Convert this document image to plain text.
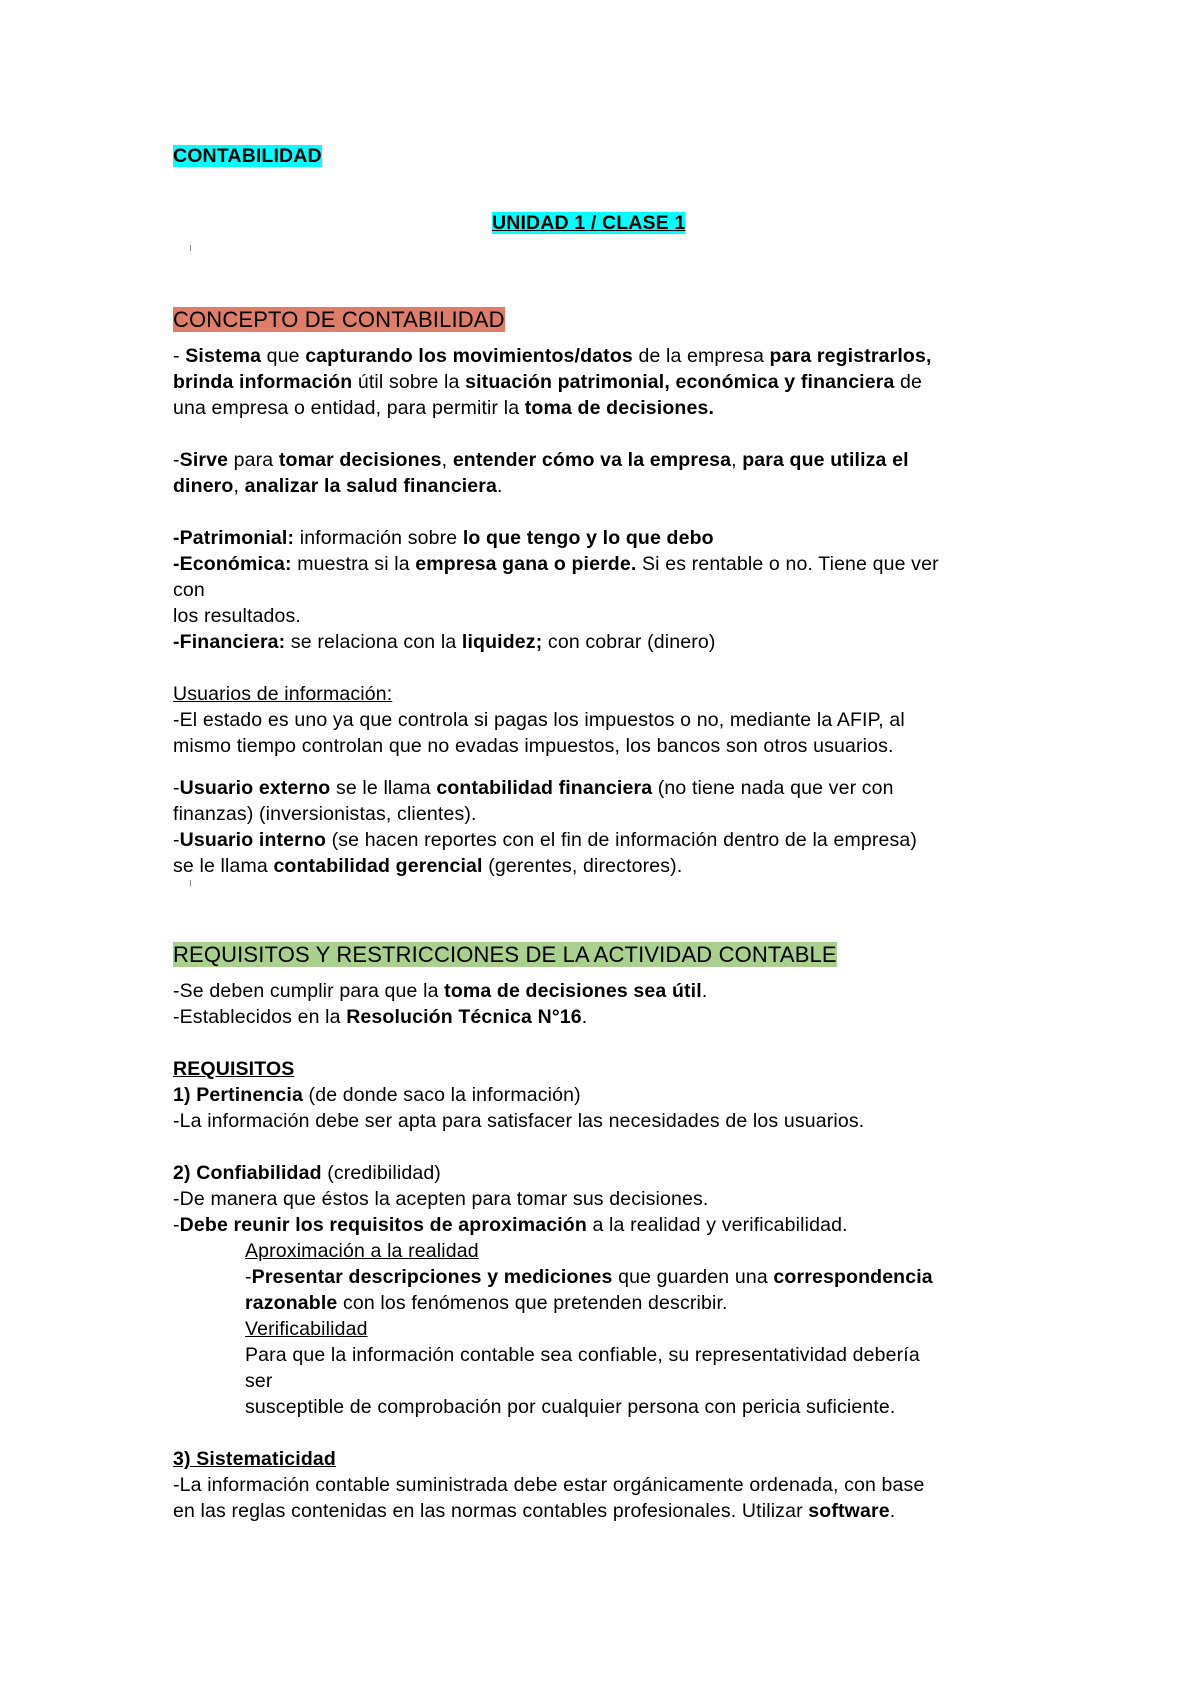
CONTABILIDAD
UNIDAD 1 / CLASE 1
CONCEPTO DE CONTABILIDAD
- Sistema que capturando los movimientos/datos de la empresa para registrarlos,
brinda información útil sobre la situación patrimonial, económica y financiera de
una empresa o entidad, para permitir la toma de decisiones.
-Sirve para tomar decisiones, entender cómo va la empresa, para que utiliza el
dinero, analizar la salud financiera.
-Patrimonial: información sobre lo que tengo y lo que debo
-Económica: muestra si la empresa gana o pierde. Si es rentable o no. Tiene que ver
con
los resultados.
-Financiera: se relaciona con la liquidez; con cobrar (dinero)
Usuarios de información:
-El estado es uno ya que controla si pagas los impuestos o no, mediante la AFIP, al
mismo tiempo controlan que no evadas impuestos, los bancos son otros usuarios.
-Usuario externo se le llama contabilidad financiera (no tiene nada que ver con
finanzas) (inversionistas, clientes).
-Usuario interno (se hacen reportes con el fin de información dentro de la empresa)
se le llama contabilidad gerencial (gerentes, directores).
REQUISITOS Y RESTRICCIONES DE LA ACTIVIDAD CONTABLE
-Se deben cumplir para que la toma de decisiones sea útil.
-Establecidos en la Resolución Técnica N°16.
REQUISITOS
1) Pertinencia (de donde saco la información)
-La información debe ser apta para satisfacer las necesidades de los usuarios.
2) Confiabilidad (credibilidad)
-De manera que éstos la acepten para tomar sus decisiones.
-Debe reunir los requisitos de aproximación a la realidad y verificabilidad.
Aproximación a la realidad
-Presentar descripciones y mediciones que guarden una correspondencia
razonable con los fenómenos que pretenden describir.
Verificabilidad
Para que la información contable sea confiable, su representatividad debería
ser
susceptible de comprobación por cualquier persona con pericia suficiente.
3) Sistematicidad
-La información contable suministrada debe estar orgánicamente ordenada, con base
en las reglas contenidas en las normas contables profesionales. Utilizar software.
